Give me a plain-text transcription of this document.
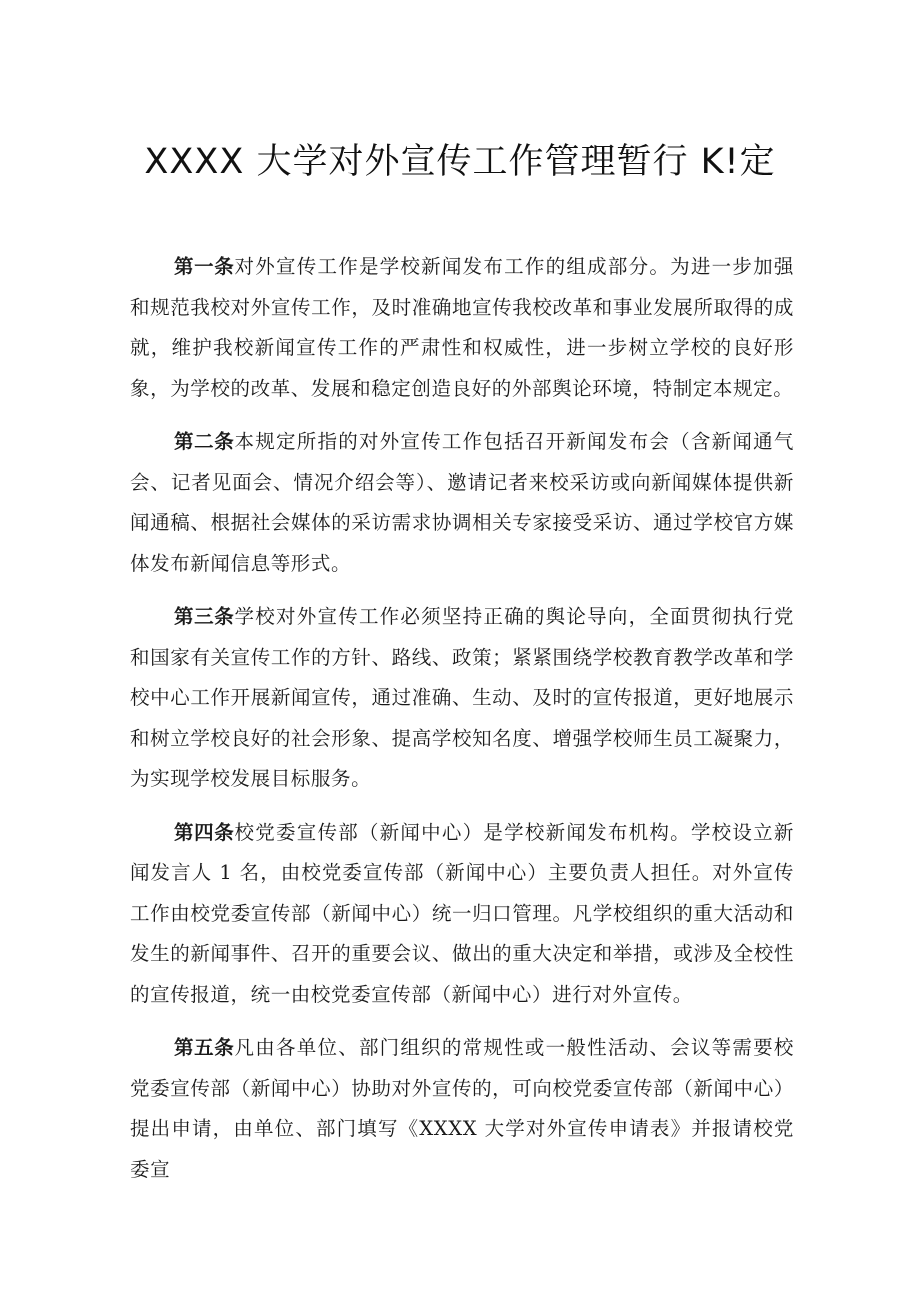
XXXX 大学对外宣传工作管理暂行 K!定

第一条对外宣传工作是学校新闻发布工作的组成部分。为进一步加强和规范我校对外宣传工作，及时准确地宣传我校改革和事业发展所取得的成就，维护我校新闻宣传工作的严肃性和权威性，进一步树立学校的良好形象，为学校的改革、发展和稳定创造良好的外部舆论环境，特制定本规定。

第二条本规定所指的对外宣传工作包括召开新闻发布会（含新闻通气会、记者见面会、情况介绍会等）、邀请记者来校采访或向新闻媒体提供新闻通稿、根据社会媒体的采访需求协调相关专家接受采访、通过学校官方媒体发布新闻信息等形式。

第三条学校对外宣传工作必须坚持正确的舆论导向，全面贯彻执行党和国家有关宣传工作的方针、路线、政策；紧紧围绕学校教育教学改革和学校中心工作开展新闻宣传，通过准确、生动、及时的宣传报道，更好地展示和树立学校良好的社会形象、提高学校知名度、增强学校师生员工凝聚力，为实现学校发展目标服务。

第四条校党委宣传部（新闻中心）是学校新闻发布机构。学校设立新闻发言人 1 名，由校党委宣传部（新闻中心）主要负责人担任。对外宣传工作由校党委宣传部（新闻中心）统一归口管理。凡学校组织的重大活动和发生的新闻事件、召开的重要会议、做出的重大决定和举措，或涉及全校性的宣传报道，统一由校党委宣传部（新闻中心）进行对外宣传。

第五条凡由各单位、部门组织的常规性或一般性活动、会议等需要校党委宣传部（新闻中心）协助对外宣传的，可向校党委宣传部（新闻中心）提出申请，由单位、部门填写《XXXX 大学对外宣传申请表》并报请校党委宣
